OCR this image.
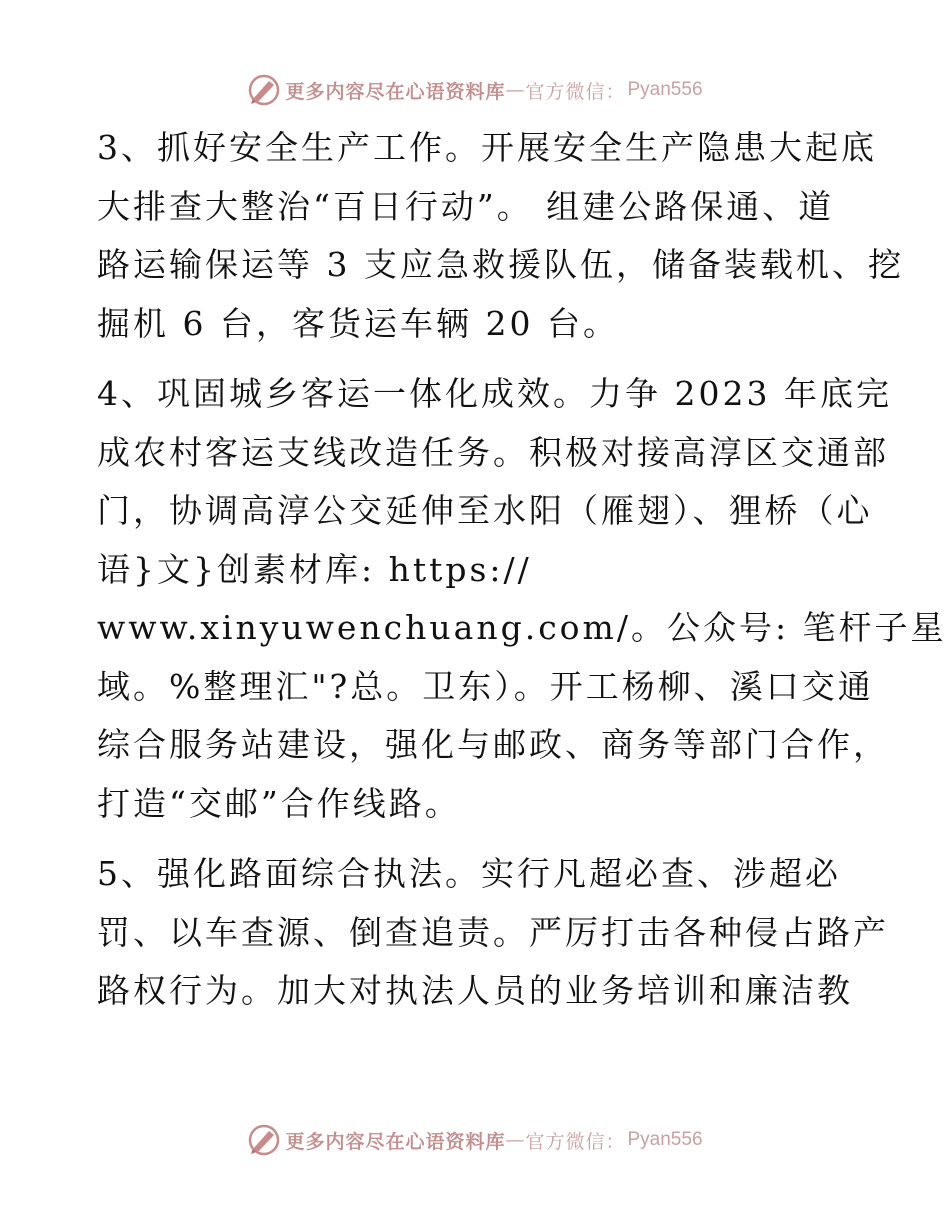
更多内容尽在心语资料库 — 官方微信： Pyan556
3、抓好安全生产工作。开展安全生产隐患大起底
大排查大整治“百日行动”。 组建公路保通、道
路运输保运等 3 支应急救援队伍，储备装载机、挖
掘机 6 台，客货运车辆 20 台。
4、巩固城乡客运一体化成效。力争 2023 年底完
成农村客运支线改造任务。积极对接高淳区交通部
门，协调高淳公交延伸至水阳（雁翅）、狸桥（心
语}文}创素材库: https://
www.xinyuwenchuang.com/。公众号: 笔杆子星
域。%整理汇"?总。卫东）。开工杨柳、溪口交通
综合服务站建设，强化与邮政、商务等部门合作，
打造“交邮”合作线路。
5、强化路面综合执法。实行凡超必查、涉超必
罚、以车查源、倒查追责。严厉打击各种侵占路产
路权行为。加大对执法人员的业务培训和廉洁教
更多内容尽在心语资料库 — 官方微信： Pyan556
